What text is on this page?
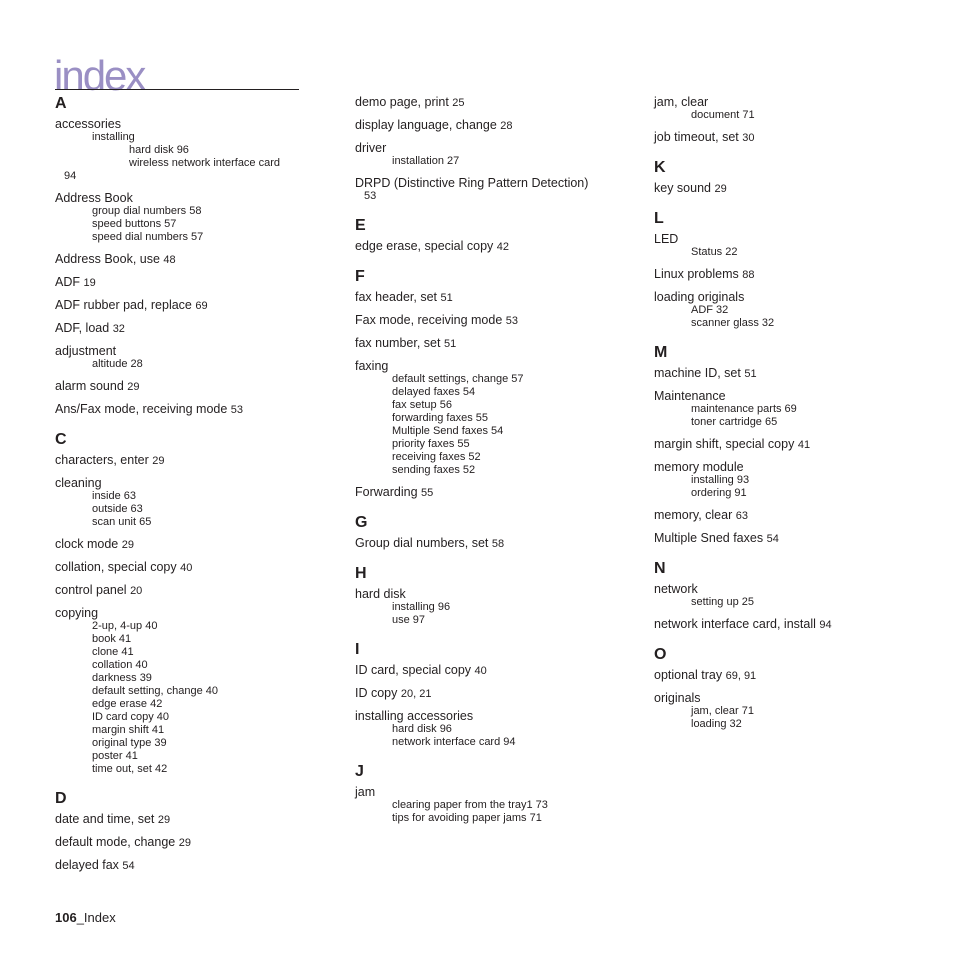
index
A
accessories
installing
hard disk 96
wireless network interface card
94
Address Book
group dial numbers 58
speed buttons 57
speed dial numbers 57
Address Book, use 48
ADF 19
ADF rubber pad, replace 69
ADF, load 32
adjustment
altitude 28
alarm sound 29
Ans/Fax mode, receiving mode 53
C
characters, enter 29
cleaning
inside 63
outside 63
scan unit 65
clock mode 29
collation, special copy 40
control panel 20
copying
2-up, 4-up 40
book 41
clone 41
collation 40
darkness 39
default setting, change 40
edge erase 42
ID card copy 40
margin shift 41
original type 39
poster 41
time out, set 42
D
date and time, set 29
default mode, change 29
delayed fax 54
demo page, print 25
display language, change 28
driver
installation 27
DRPD (Distinctive Ring Pattern Detection)
53
E
edge erase, special copy 42
F
fax header, set 51
Fax mode, receiving mode 53
fax number, set 51
faxing
default settings, change 57
delayed faxes 54
fax setup 56
forwarding faxes 55
Multiple Send faxes 54
priority faxes 55
receiving faxes 52
sending faxes 52
Forwarding 55
G
Group dial numbers, set 58
H
hard disk
installing 96
use 97
I
ID card, special copy 40
ID copy 20, 21
installing accessories
hard disk 96
network interface card 94
J
jam
clearing paper from the tray1 73
tips for avoiding paper jams 71
jam, clear
document 71
job timeout, set 30
K
key sound 29
L
LED
Status 22
Linux problems 88
loading originals
ADF 32
scanner glass 32
M
machine ID, set 51
Maintenance
maintenance parts 69
toner cartridge 65
margin shift, special copy 41
memory module
installing 93
ordering 91
memory, clear 63
Multiple Sned faxes 54
N
network
setting up 25
network interface card, install 94
O
optional tray 69, 91
originals
jam, clear 71
loading 32
106_Index
